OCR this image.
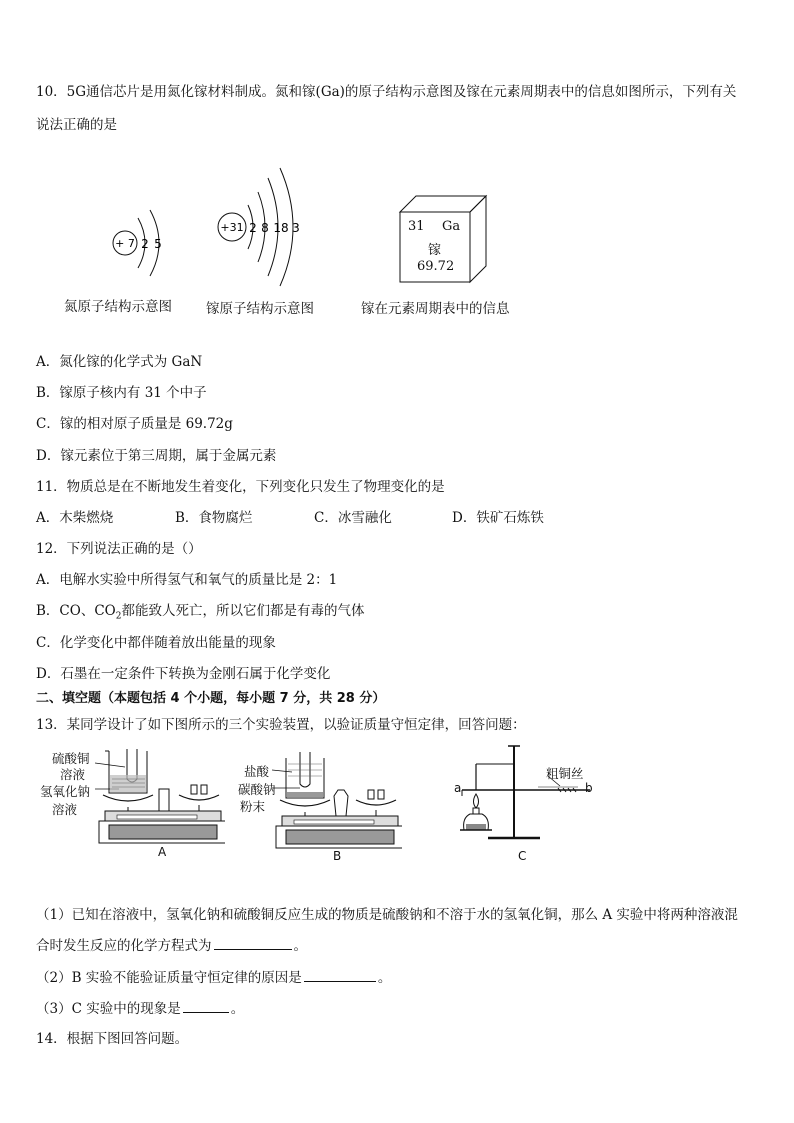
10．5G通信芯片是用氮化镓材料制成。氮和镓(Ga)的原子结构示意图及镓在元素周期表中的信息如图所示，下列有关
说法正确的是
+ 7 2 5
氮原子结构示意图
+31 2 8 18 3
镓原子结构示意图
31 Ga
镓
69.72
镓在元素周期表中的信息
A．氮化镓的化学式为 GaN
B．镓原子核内有 31 个中子
C．镓的相对原子质量是 69.72g
D．镓元素位于第三周期，属于金属元素
11．物质总是在不断地发生着变化，下列变化只发生了物理变化的是
A．木柴燃烧	B．食物腐烂	C．冰雪融化	D．铁矿石炼铁
12．下列说法正确的是（）
A．电解水实验中所得氢气和氧气的质量比是 2：1
B．CO、$CO_2$都能致人死亡，所以它们都是有毒的气体
C．化学变化中都伴随着放出能量的现象
D．石墨在一定条件下转换为金刚石属于化学变化
二、填空题（本题包括 4 个小题，每小题 7 分，共 28 分）
13．某同学设计了如下图所示的三个实验装置，以验证质量守恒定律，回答问题：
硫酸铜
溶液
氢氧化钠
溶液
A
盐酸
碳酸钠
粉末
B
a	b
粗铜丝
C
（1）已知在溶液中，氢氧化钠和硫酸铜反应生成的物质是硫酸钠和不溶于水的氢氧化铜，那么 A 实验中将两种溶液混
合时发生反应的化学方程式为	。
（2）B 实验不能验证质量守恒定律的原因是	。
（3）C 实验中的现象是	。
14．根据下图回答问题。
